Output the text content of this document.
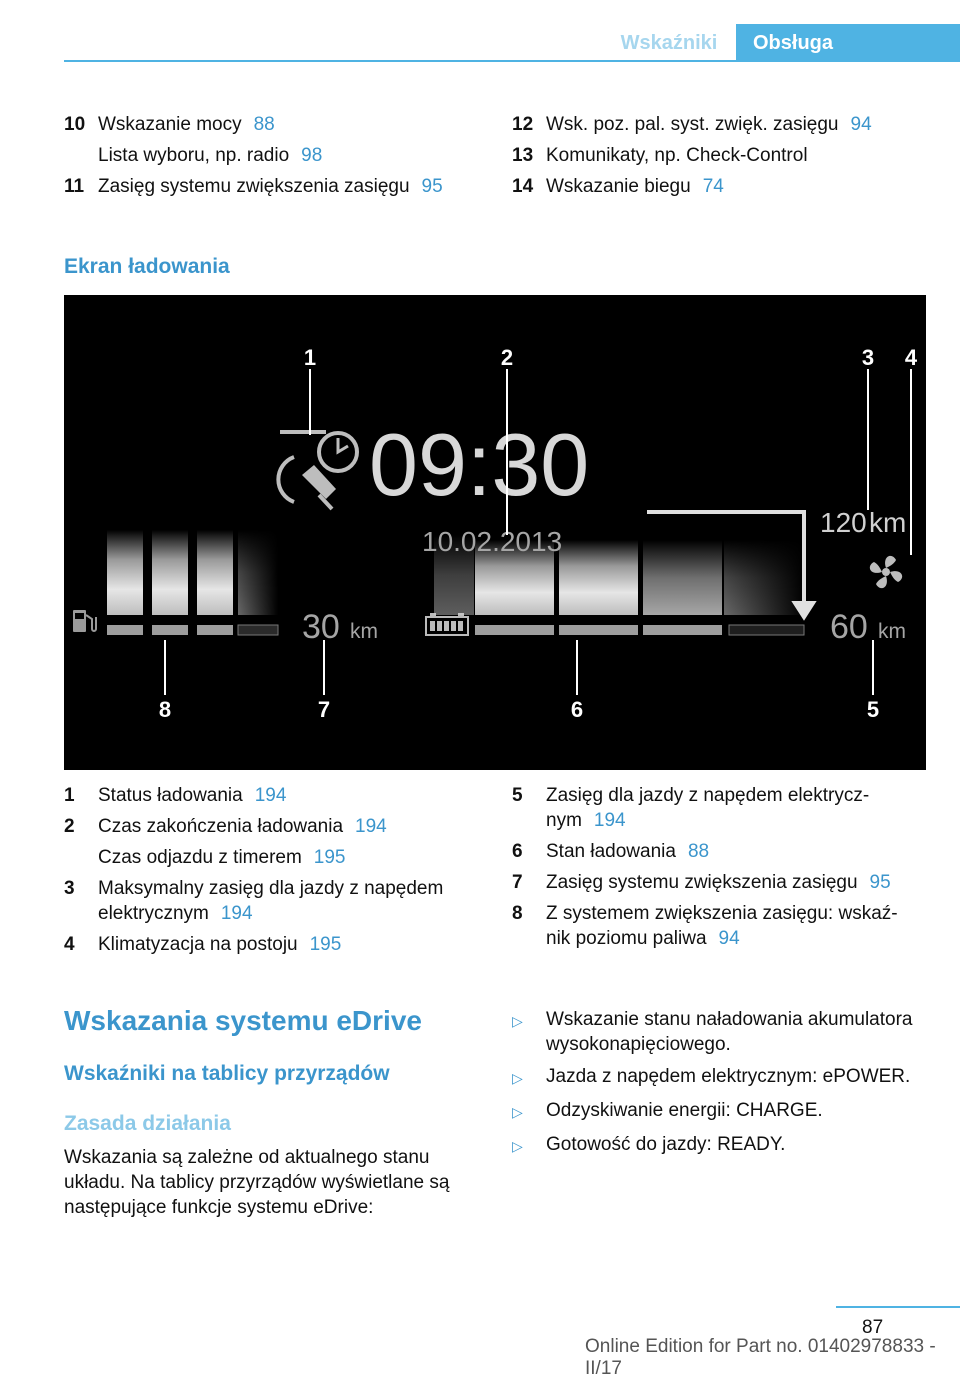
Wskaźniki	Obsługa
10 Wskazanie mocy 88
Lista wyboru, np. radio 98
11 Zasięg systemu zwiększenia zasięgu 95
12 Wsk. poz. pal. syst. zwięk. zasięgu 94
13 Komunikaty, np. Check-Control
14 Wskazanie biegu 74
Ekran ładowania
09:30
10.02.2013
30 km	60 km
120 km
1	2	3 4
5
6
7
8
1	Status ładowania 194
2	Czas zakończenia ładowania 194
Czas odjazdu z timerem 195
3	Maksymalny zasięg dla jazdy z napędem
elektrycznym 194
4	Klimatyzacja na postoju 195
5	Zasięg dla jazdy z napędem elektrycz-
nym 194
6	Stan ładowania 88
7	Zasięg systemu zwiększenia zasięgu 95
8	Z systemem zwiększenia zasięgu: wskaź-
nik poziomu paliwa 94
Wskazania systemu eDrive
Wskaźniki na tablicy przyrządów
Zasada działania
Wskazania są zależne od aktualnego stanu układu. Na tablicy przyrządów wyświetlane są następujące funkcje systemu eDrive:
▷	Wskazanie stanu naładowania akumulatora wysokonapięciowego.
▷	Jazda z napędem elektrycznym: ePOWER.
▷	Odzyskiwanie energii: CHARGE.
▷	Gotowość do jazdy: READY.
87
Online Edition for Part no. 01402978833 - II/17
